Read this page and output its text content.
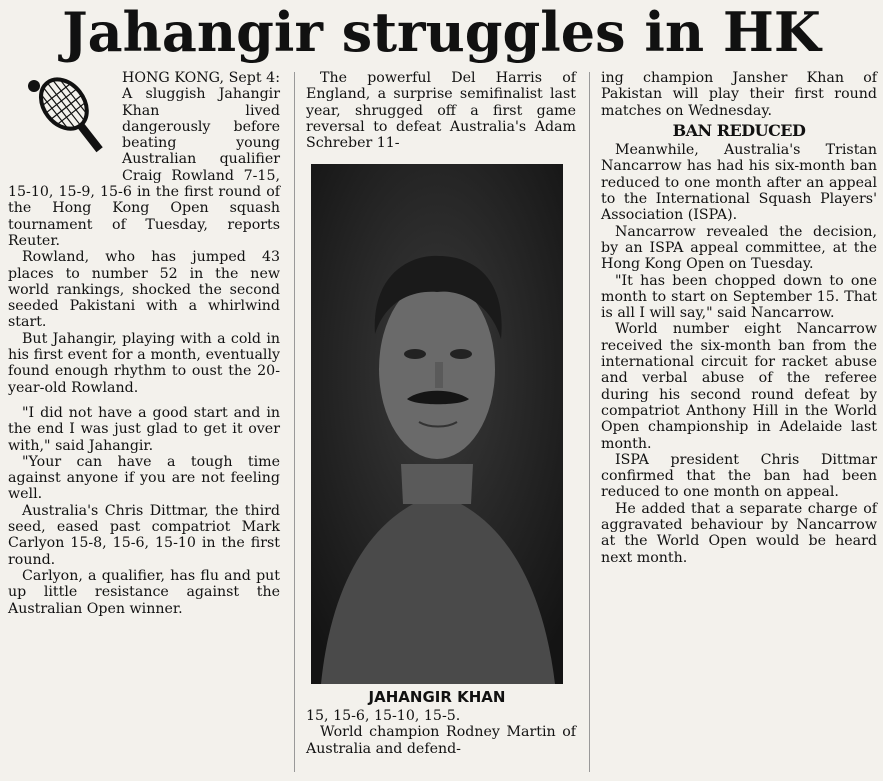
Jahangir struggles in HK

HONG KONG, Sept 4: A sluggish Jahangir Khan lived dangerously before beating young Australian qualifier Craig Rowland 7-15, 15-10, 15-9, 15-6 in the first round of the Hong Kong Open squash tournament of Tuesday, reports Reuter.

Rowland, who has jumped 43 places to number 52 in the new world rankings, shocked the second seeded Pakistani with a whirlwind start.

But Jahangir, playing with a cold in his first event for a month, eventually found enough rhythm to oust the 20-year-old Rowland.

"I did not have a good start and in the end I was just glad to get it over with," said Jahangir.

"Your can have a tough time against anyone if you are not feeling well.

Australia's Chris Dittmar, the third seed, eased past compatriot Mark Carlyon 15-8, 15-6, 15-10 in the first round.

Carlyon, a qualifier, has flu and put up little resistance against the Australian Open winner.

The powerful Del Harris of England, a surprise semifinalist last year, shrugged off a first game reversal to defeat Australia's Adam Schreber 11-

JAHANGIR KHAN

15, 15-6, 15-10, 15-5.

World champion Rodney Martin of Australia and defend-

ing champion Jansher Khan of Pakistan will play their first round matches on Wednesday.

BAN REDUCED

Meanwhile, Australia's Tristan Nancarrow has had his six-month ban reduced to one month after an appeal to the International Squash Players' Association (ISPA).

Nancarrow revealed the decision, by an ISPA appeal committee, at the Hong Kong Open on Tuesday.

"It has been chopped down to one month to start on September 15. That is all I will say," said Nancarrow.

World number eight Nancarrow received the six-month ban from the international circuit for racket abuse and verbal abuse of the referee during his second round defeat by compatriot Anthony Hill in the World Open championship in Adelaide last month.

ISPA president Chris Dittmar confirmed that the ban had been reduced to one month on appeal.

He added that a separate charge of aggravated behaviour by Nancarrow at the World Open would be heard next month.
